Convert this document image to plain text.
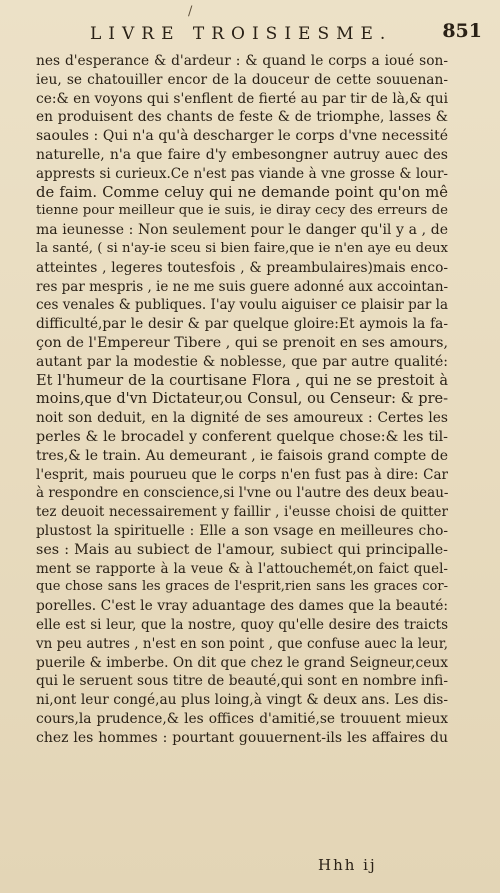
/
LIVRE TROISIESME.	851
nes d'esperance & d'ardeur : & quand le corps a ioué son-
ieu, se chatouiller encor de la douceur de cette souuenan-
ce:& en voyons qui s'enflent de fierté au par tir de là,& qui
en produisent des chants de feste & de triomphe, lasses &
saoules : Qui n'a qu'à descharger le corps d'vne necessité
naturelle, n'a que faire d'y embesongner autruy auec des
apprests si curieux.Ce n'est pas viande à vne grosse & lour-
de faim. Comme celuy qui ne demande point qu'on mê
tienne pour meilleur que ie suis, ie diray cecy des erreurs de
ma ieunesse : Non seulement pour le danger qu'il y a , de
la santé, ( si n'ay-ie sceu si bien faire,que ie n'en aye eu deux
atteintes , legeres toutesfois , & preambulaires)mais enco-
res par mespris , ie ne me suis guere adonné aux accointan-
ces venales & publiques. I'ay voulu aiguiser ce plaisir par la
difficulté,par le desir & par quelque gloire:Et aymois la fa-
çon de l'Empereur Tibere , qui se prenoit en ses amours,
autant par la modestie & noblesse, que par autre qualité:
Et l'humeur de la courtisane Flora , qui ne se prestoit à
moins,que d'vn Dictateur,ou Consul, ou Censeur: & pre-
noit son deduit, en la dignité de ses amoureux : Certes les
perles & le brocadel y conferent quelque chose:& les til-
tres,& le train. Au demeurant , ie faisois grand compte de
l'esprit, mais pourueu que le corps n'en fust pas à dire: Car
à respondre en conscience,si l'vne ou l'autre des deux beau-
tez deuoit necessairement y faillir , i'eusse choisi de quitter
plustost la spirituelle : Elle a son vsage en meilleures cho-
ses : Mais au subiect de l'amour, subiect qui principalle-
ment se rapporte à la veue & à l'attouchemét,on faict quel-
que chose sans les graces de l'esprit,rien sans les graces cor-
porelles. C'est le vray aduantage des dames que la beauté:
elle est si leur, que la nostre, quoy qu'elle desire des traicts
vn peu autres , n'est en son point , que confuse auec la leur,
puerile & imberbe. On dit que chez le grand Seigneur,ceux
qui le seruent sous titre de beauté,qui sont en nombre infi-
ni,ont leur congé,au plus loing,à vingt & deux ans. Les dis-
cours,la prudence,& les offices d'amitié,se trouuent mieux
chez les hommes : pourtant gouuernent-ils les affaires du
Hhh ij
